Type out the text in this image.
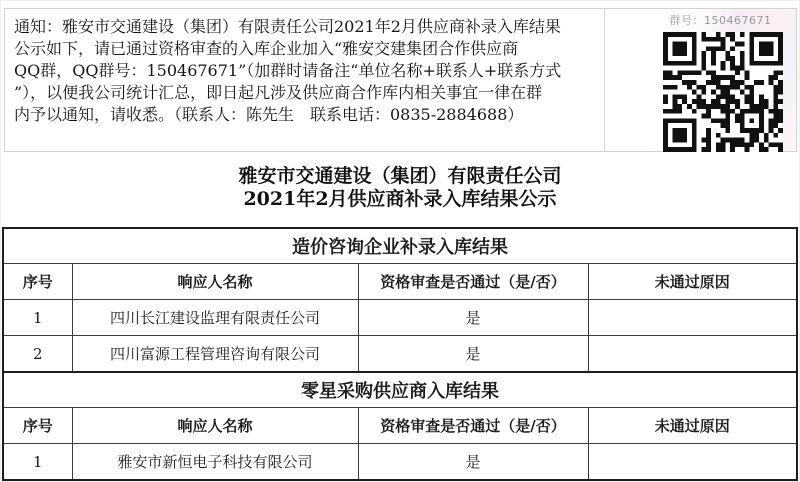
通知：雅安市交通建设（集团）有限责任公司2021年2月供应商补录入库结果
公示如下，请已通过资格审查的入库企业加入“雅安交建集团合作供应商
QQ群，QQ群号：150467671”（加群时请备注“单位名称+联系人+联系方式
”），以便我公司统计汇总，即日起凡涉及供应商合作库内相关事宜一律在群
内予以通知，请收悉。（联系人：陈先生　联系电话：0835-2884688）
群号：150467671
雅安市交通建设（集团）有限责任公司
2021年2月供应商补录入库结果公示
造价咨询企业补录入库结果			
序号	响应人名称	资格审查是否通过（是/否）	未通过原因
1	四川长江建设监理有限责任公司	是	
2	四川富源工程管理咨询有限公司	是	
零星采购供应商入库结果			
序号	响应人名称	资格审查是否通过（是/否）	未通过原因
1	雅安市新恒电子科技有限公司	是	
